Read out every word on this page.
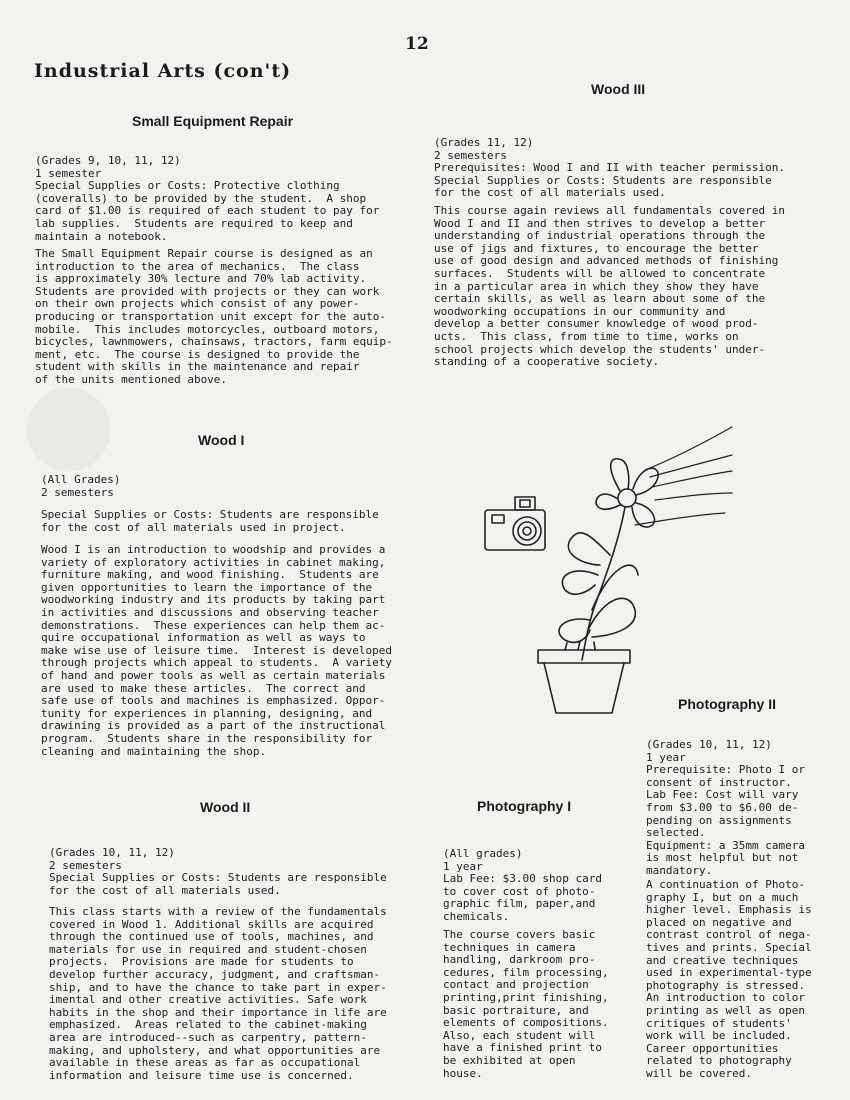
12
Industrial Arts (con't)
Small Equipment Repair
(Grades 9, 10, 11, 12)
1 semester
Special Supplies or Costs: Protective clothing
(coveralls) to be provided by the student.  A shop
card of $1.00 is required of each student to pay for
lab supplies.  Students are required to keep and
maintain a notebook.
The Small Equipment Repair course is designed as an
introduction to the area of mechanics.  The class
is approximately 30% lecture and 70% lab activity.
Students are provided with projects or they can work
on their own projects which consist of any power-
producing or transportation unit except for the auto-
mobile.  This includes motorcycles, outboard motors,
bicycles, lawnmowers, chainsaws, tractors, farm equip-
ment, etc.  The course is designed to provide the
student with skills in the maintenance and repair
of the units mentioned above.
Wood I
(All Grades)
2 semesters
Special Supplies or Costs: Students are responsible
for the cost of all materials used in project.
Wood I is an introduction to woodship and provides a
variety of exploratory activities in cabinet making,
furniture making, and wood finishing.  Students are
given opportunities to learn the importance of the
woodworking industry and its products by taking part
in activities and discussions and observing teacher
demonstrations.  These experiences can help them ac-
quire occupational information as well as ways to
make wise use of leisure time.  Interest is developed
through projects which appeal to students.  A variety
of hand and power tools as well as certain materials
are used to make these articles.  The correct and
safe use of tools and machines is emphasized. Oppor-
tunity for experiences in planning, designing, and
drawining is provided as a part of the instructional
program.  Students share in the responsibility for
cleaning and maintaining the shop.
Wood II
(Grades 10, 11, 12)
2 semesters
Special Supplies or Costs: Students are responsible
for the cost of all materials used.
This class starts with a review of the fundamentals
covered in Wood 1. Additional skills are acquired
through the continued use of tools, machines, and
materials for use in required and student-chosen
projects.  Provisions are made for students to
develop further accuracy, judgment, and craftsman-
ship, and to have the chance to take part in exper-
imental and other creative activities. Safe work
habits in the shop and their importance in life are
emphasized.  Areas related to the cabinet-making
area are introduced--such as carpentry, pattern-
making, and upholstery, and what opportunities are
available in these areas as far as occupational
information and leisure time use is concerned.
Wood III
(Grades 11, 12)
2 semesters
Prerequisites: Wood I and II with teacher permission.
Special Supplies or Costs: Students are responsible
for the cost of all materials used.
This course again reviews all fundamentals covered in
Wood I and II and then strives to develop a better
understanding of industrial operations through the
use of jigs and fixtures, to encourage the better
use of good design and advanced methods of finishing
surfaces.  Students will be allowed to concentrate
in a particular area in which they show they have
certain skills, as well as learn about some of the
woodworking occupations in our community and
develop a better consumer knowledge of wood prod-
ucts.  This class, from time to time, works on
school projects which develop the students' under-
standing of a cooperative society.
Photography I
(All grades)
1 year
Lab Fee: $3.00 shop card
to cover cost of photo-
graphic film, paper,and
chemicals.
The course covers basic
techniques in camera
handling, darkroom pro-
cedures, film processing,
contact and projection
printing,print finishing,
basic portraiture, and
elements of compositions.
Also, each student will
have a finished print to
be exhibited at open
house.
Photography II
(Grades 10, 11, 12)
1 year
Prerequisite: Photo I or
consent of instructor.
Lab Fee: Cost will vary
from $3.00 to $6.00 de-
pending on assignments
selected.
Equipment: a 35mm camera
is most helpful but not
mandatory.
A continuation of Photo-
graphy I, but on a much
higher level. Emphasis is
placed on negative and
contrast control of nega-
tives and prints. Special
and creative techniques
used in experimental-type
photography is stressed.
An introduction to color
printing as well as open
critiques of students'
work will be included.
Career opportunities
related to photography
will be covered.
